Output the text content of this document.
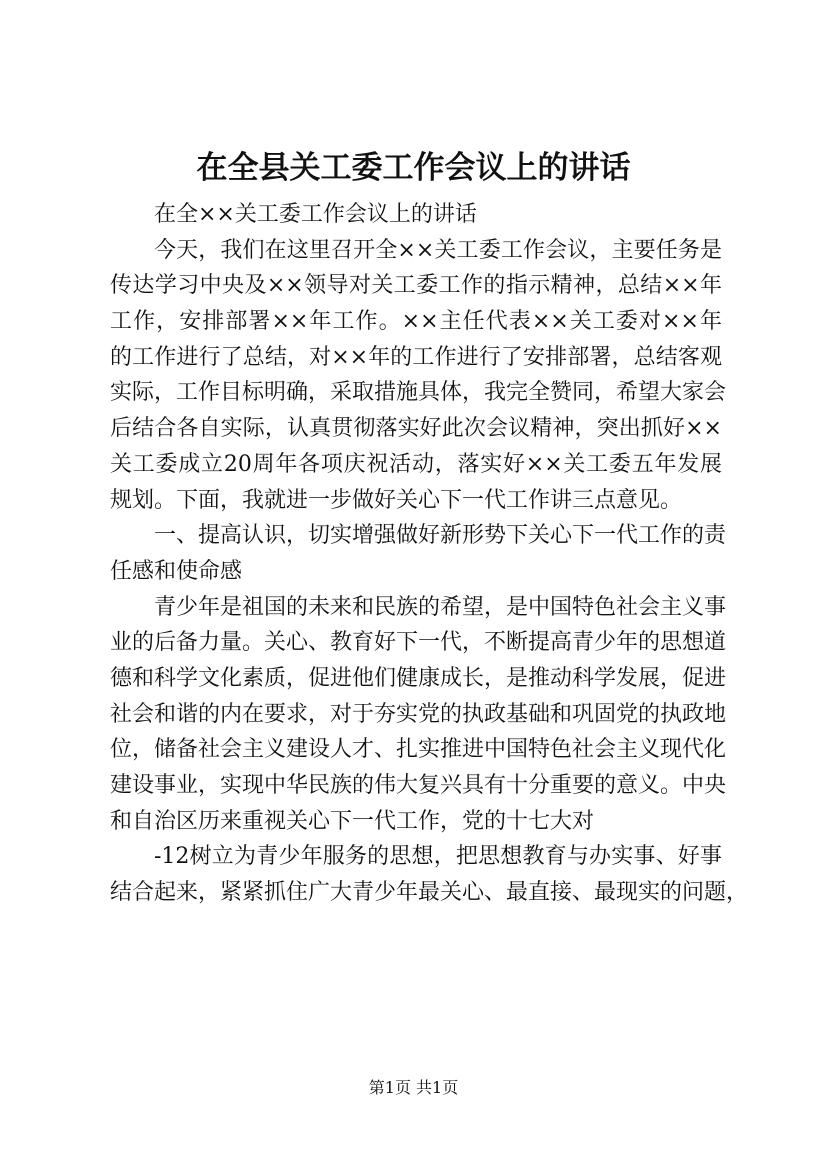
在全县关工委工作会议上的讲话
在全××关工委工作会议上的讲话
今天，我们在这里召开全××关工委工作会议，主要任务是
传达学习中央及××领导对关工委工作的指示精神，总结××年
工作，安排部署××年工作。××主任代表××关工委对××年
的工作进行了总结，对××年的工作进行了安排部署，总结客观
实际，工作目标明确，采取措施具体，我完全赞同，希望大家会
后结合各自实际，认真贯彻落实好此次会议精神，突出抓好××
关工委成立20周年各项庆祝活动，落实好××关工委五年发展
规划。下面，我就进一步做好关心下一代工作讲三点意见。
一、提高认识，切实增强做好新形势下关心下一代工作的责
任感和使命感
青少年是祖国的未来和民族的希望，是中国特色社会主义事
业的后备力量。关心、教育好下一代，不断提高青少年的思想道
德和科学文化素质，促进他们健康成长，是推动科学发展，促进
社会和谐的内在要求，对于夯实党的执政基础和巩固党的执政地
位，储备社会主义建设人才、扎实推进中国特色社会主义现代化
建设事业，实现中华民族的伟大复兴具有十分重要的意义。中央
和自治区历来重视关心下一代工作，党的十七大对
-12树立为青少年服务的思想，把思想教育与办实事、好事
结合起来，紧紧抓住广大青少年最关心、最直接、最现实的问题，
第1页 共1页
